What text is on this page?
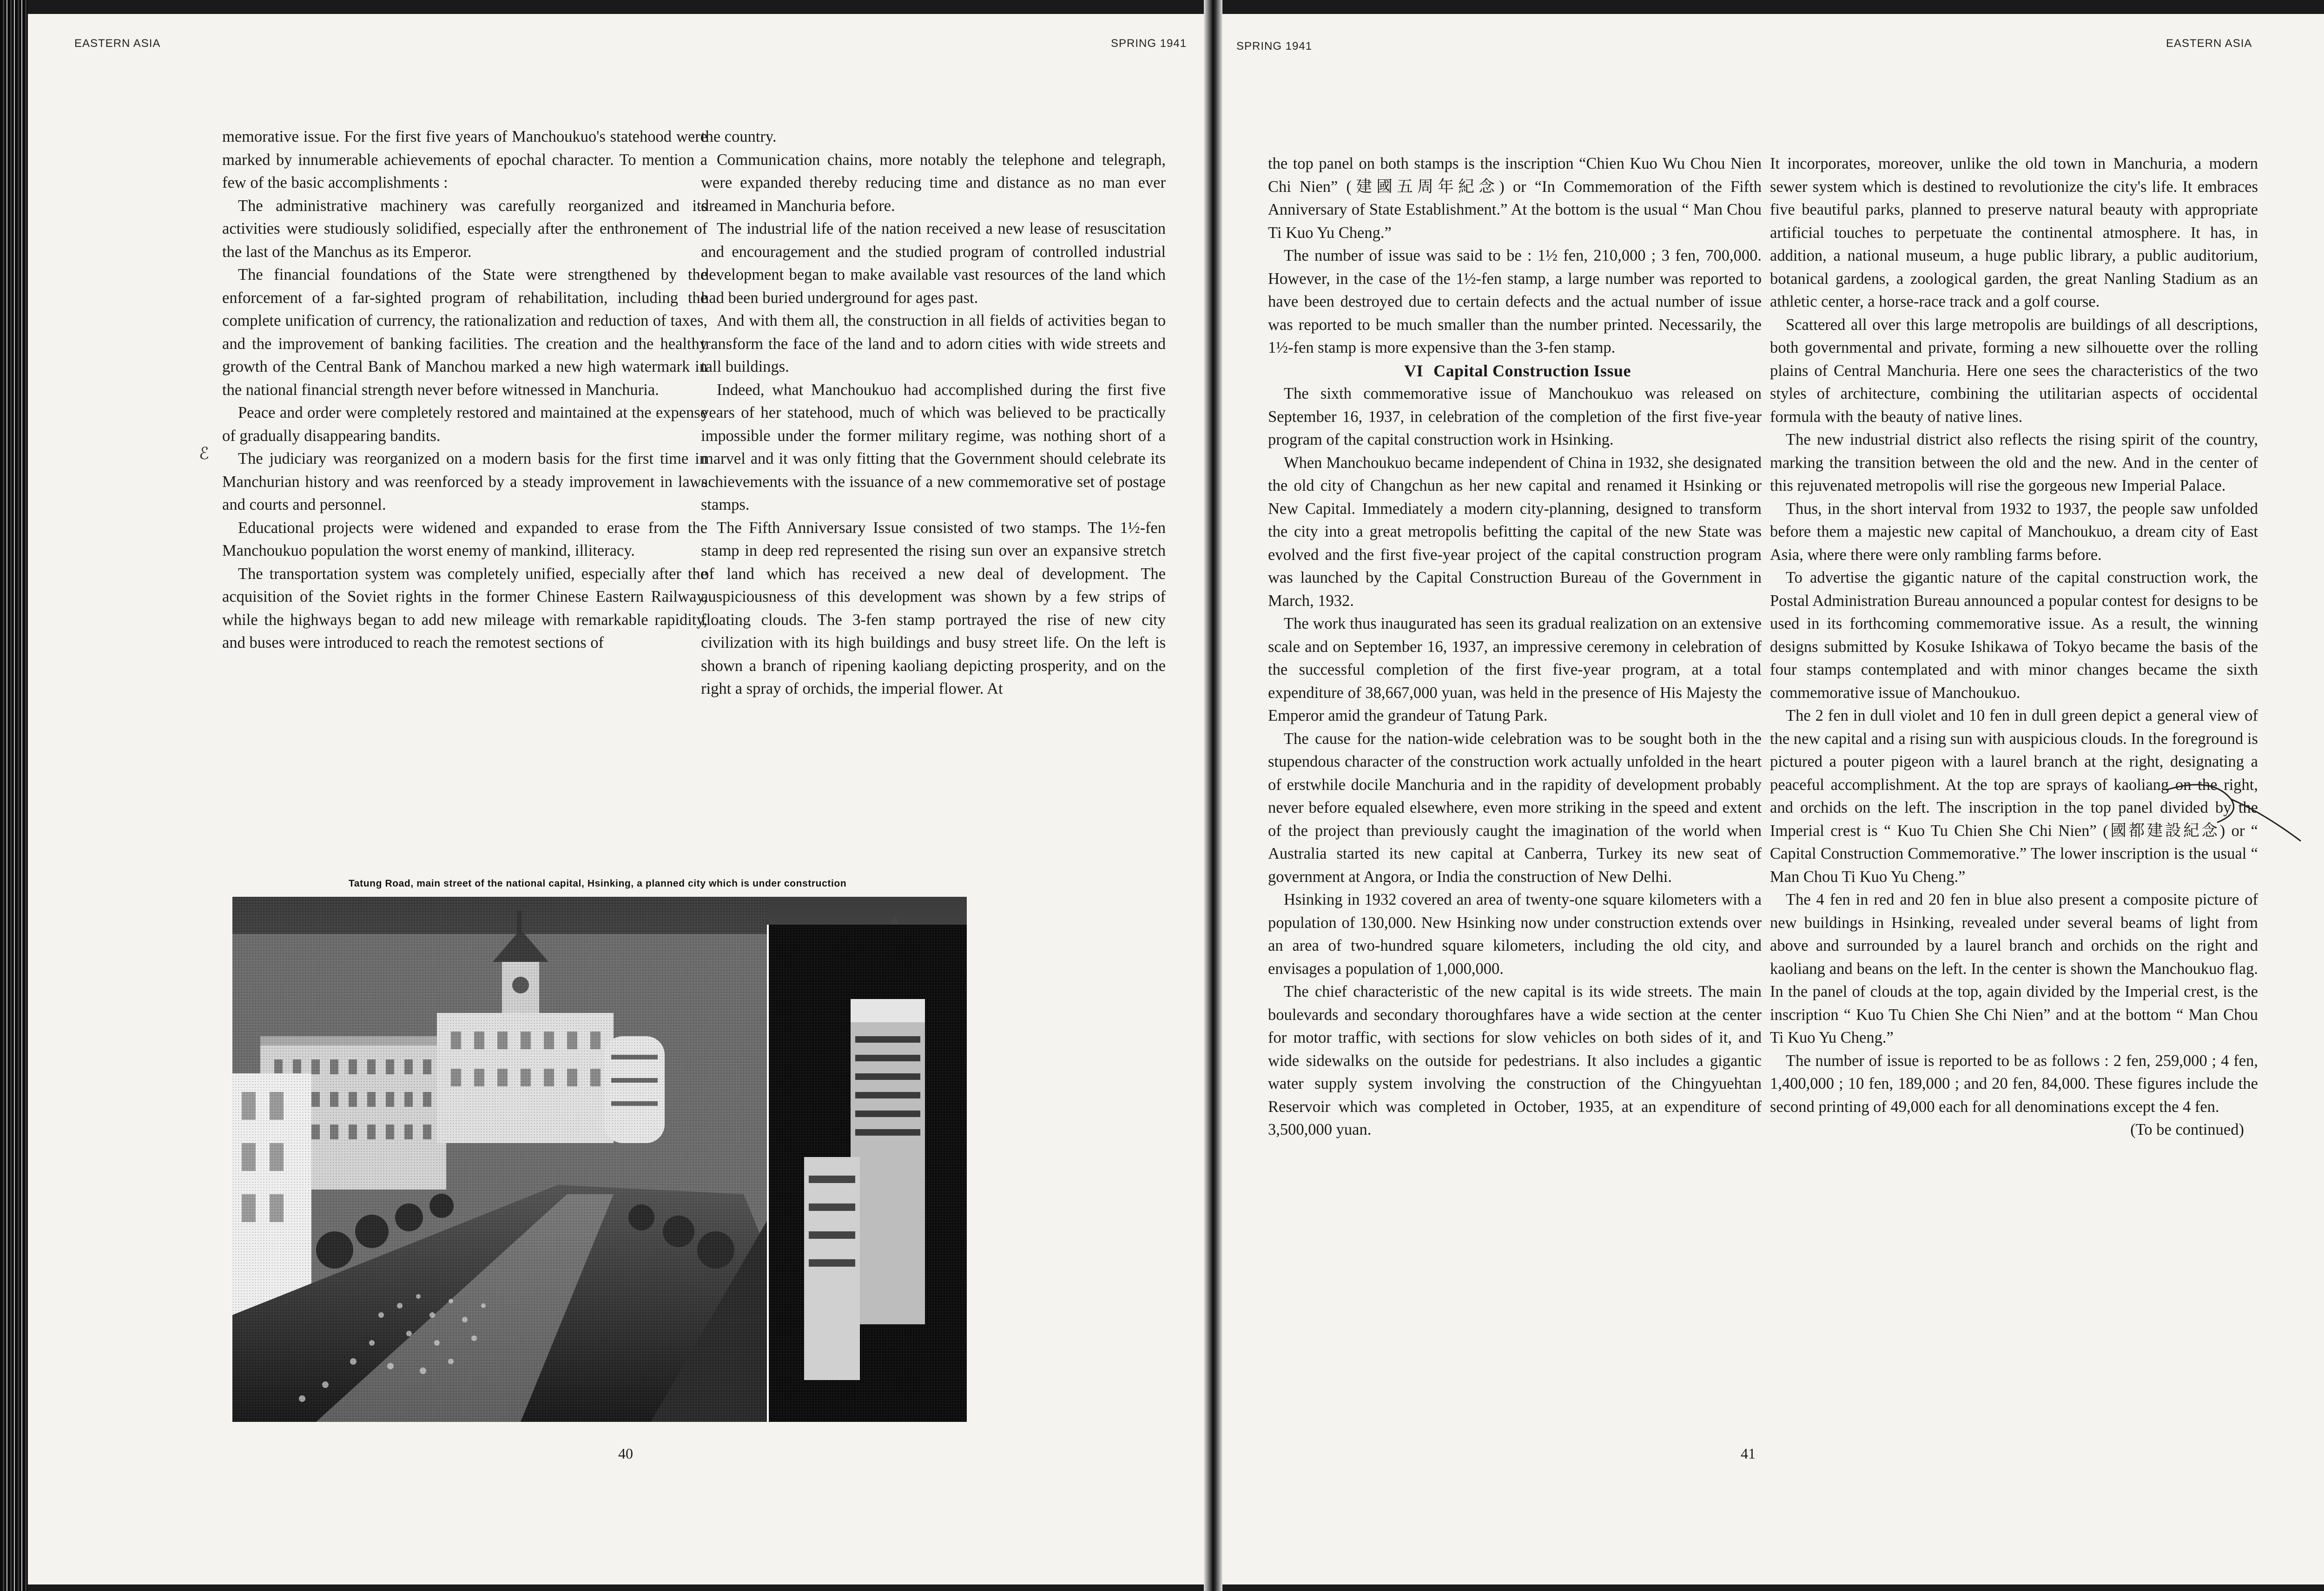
EASTERN ASIA	SPRING 1941

memorative issue. For the first five years of Manchoukuo's statehood were marked by innumerable achievements of epochal character. To mention a few of the basic accomplishments :

The administrative machinery was carefully reorganized and its activities were studiously solidified, especially after the enthronement of the last of the Manchus as its Emperor.

The financial foundations of the State were strengthened by the enforcement of a far-sighted program of rehabilitation, including the complete unification of currency, the rationalization and reduction of taxes, and the improvement of banking facilities. The creation and the healthy growth of the Central Bank of Manchou marked a new high watermark in the national financial strength never before witnessed in Manchuria.

Peace and order were completely restored and maintained at the expense of gradually disappearing bandits.

The judiciary was reorganized on a modern basis for the first time in Manchurian history and was reenforced by a steady improvement in laws and courts and personnel.

Educational projects were widened and expanded to erase from the Manchoukuo population the worst enemy of mankind, illiteracy.

The transportation system was completely unified, especially after the acquisition of the Soviet rights in the former Chinese Eastern Railway, while the highways began to add new mileage with remarkable rapidity, and buses were introduced to reach the remotest sections of

the country.

Communication chains, more notably the telephone and telegraph, were expanded thereby reducing time and distance as no man ever dreamed in Manchuria before.

The industrial life of the nation received a new lease of resuscitation and encouragement and the studied program of controlled industrial development began to make available vast resources of the land which had been buried underground for ages past.

And with them all, the construction in all fields of activities began to transform the face of the land and to adorn cities with wide streets and tall buildings.

Indeed, what Manchoukuo had accomplished during the first five years of her statehood, much of which was believed to be practically impossible under the former military regime, was nothing short of a marvel and it was only fitting that the Government should celebrate its achievements with the issuance of a new commemorative set of postage stamps.

The Fifth Anniversary Issue consisted of two stamps. The 1½-fen stamp in deep red represented the rising sun over an expansive stretch of land which has received a new deal of development. The auspiciousness of this development was shown by a few strips of floating clouds. The 3-fen stamp portrayed the rise of new city civilization with its high buildings and busy street life. On the left is shown a branch of ripening kaoliang depicting prosperity, and on the right a spray of orchids, the imperial flower. At

ℰ
Tatung Road, main street of the national capital, Hsinking, a planned city which is under construction
40
SPRING 1941	EASTERN ASIA

the top panel on both stamps is the inscription “Chien Kuo Wu Chou Nien Chi Nien” (建國五周年紀念) or “In Commemoration of the Fifth Anniversary of State Establishment.” At the bottom is the usual “ Man Chou Ti Kuo Yu Cheng.”

The number of issue was said to be : 1½ fen, 210,000 ; 3 fen, 700,000. However, in the case of the 1½-fen stamp, a large number was reported to have been destroyed due to certain defects and the actual number of issue was reported to be much smaller than the number printed. Necessarily, the 1½-fen stamp is more expensive than the 3-fen stamp.

VI Capital Construction Issue

The sixth commemorative issue of Manchoukuo was released on September 16, 1937, in celebration of the completion of the first five-year program of the capital construction work in Hsinking.

When Manchoukuo became independent of China in 1932, she designated the old city of Changchun as her new capital and renamed it Hsinking or New Capital. Immediately a modern city-planning, designed to transform the city into a great metropolis befitting the capital of the new State was evolved and the first five-year project of the capital construction program was launched by the Capital Construction Bureau of the Government in March, 1932.

The work thus inaugurated has seen its gradual realization on an extensive scale and on September 16, 1937, an impressive ceremony in celebration of the successful completion of the first five-year program, at a total expenditure of 38,667,000 yuan, was held in the presence of His Majesty the Emperor amid the grandeur of Tatung Park.

The cause for the nation-wide celebration was to be sought both in the stupendous character of the construction work actually unfolded in the heart of erstwhile docile Manchuria and in the rapidity of development probably never before equaled elsewhere, even more striking in the speed and extent of the project than previously caught the imagination of the world when Australia started its new capital at Canberra, Turkey its new seat of government at Angora, or India the construction of New Delhi.

Hsinking in 1932 covered an area of twenty-one square kilometers with a population of 130,000. New Hsinking now under construction extends over an area of two-hundred square kilometers, including the old city, and envisages a population of 1,000,000.

The chief characteristic of the new capital is its wide streets. The main boulevards and secondary thoroughfares have a wide section at the center for motor traffic, with sections for slow vehicles on both sides of it, and wide sidewalks on the outside for pedestrians. It also includes a gigantic water supply system involving the construction of the Chingyuehtan Reservoir which was completed in October, 1935, at an expenditure of 3,500,000 yuan.

It incorporates, moreover, unlike the old town in Manchuria, a modern sewer system which is destined to revolutionize the city's life. It embraces five beautiful parks, planned to preserve natural beauty with appropriate artificial touches to perpetuate the continental atmosphere. It has, in addition, a national museum, a huge public library, a public auditorium, botanical gardens, a zoological garden, the great Nanling Stadium as an athletic center, a horse-race track and a golf course.

Scattered all over this large metropolis are buildings of all descriptions, both governmental and private, forming a new silhouette over the rolling plains of Central Manchuria. Here one sees the characteristics of the two styles of architecture, combining the utilitarian aspects of occidental formula with the beauty of native lines.

The new industrial district also reflects the rising spirit of the country, marking the transition between the old and the new. And in the center of this rejuvenated metropolis will rise the gorgeous new Imperial Palace.

Thus, in the short interval from 1932 to 1937, the people saw unfolded before them a majestic new capital of Manchoukuo, a dream city of East Asia, where there were only rambling farms before.

To advertise the gigantic nature of the capital construction work, the Postal Administration Bureau announced a popular contest for designs to be used in its forthcoming commemorative issue. As a result, the winning designs submitted by Kosuke Ishikawa of Tokyo became the basis of the four stamps contemplated and with minor changes became the sixth commemorative issue of Manchoukuo.

The 2 fen in dull violet and 10 fen in dull green depict a general view of the new capital and a rising sun with auspicious clouds. In the foreground is pictured a pouter pigeon with a laurel branch at the right, designating a peaceful accomplishment. At the top are sprays of kaoliang on the right, and orchids on the left. The inscription in the top panel divided by the Imperial crest is “ Kuo Tu Chien She Chi Nien” (國都建設紀念) or “ Capital Construction Commemorative.” The lower inscription is the usual “ Man Chou Ti Kuo Yu Cheng.”

The 4 fen in red and 20 fen in blue also present a composite picture of new buildings in Hsinking, revealed under several beams of light from above and surrounded by a laurel branch and orchids on the right and kaoliang and beans on the left. In the center is shown the Manchoukuo flag. In the panel of clouds at the top, again divided by the Imperial crest, is the inscription “ Kuo Tu Chien She Chi Nien” and at the bottom “ Man Chou Ti Kuo Yu Cheng.”

The number of issue is reported to be as follows : 2 fen, 259,000 ; 4 fen, 1,400,000 ; 10 fen, 189,000 ; and 20 fen, 84,000. These figures include the second printing of 49,000 each for all denominations except the 4 fen.

(To be continued)

41
